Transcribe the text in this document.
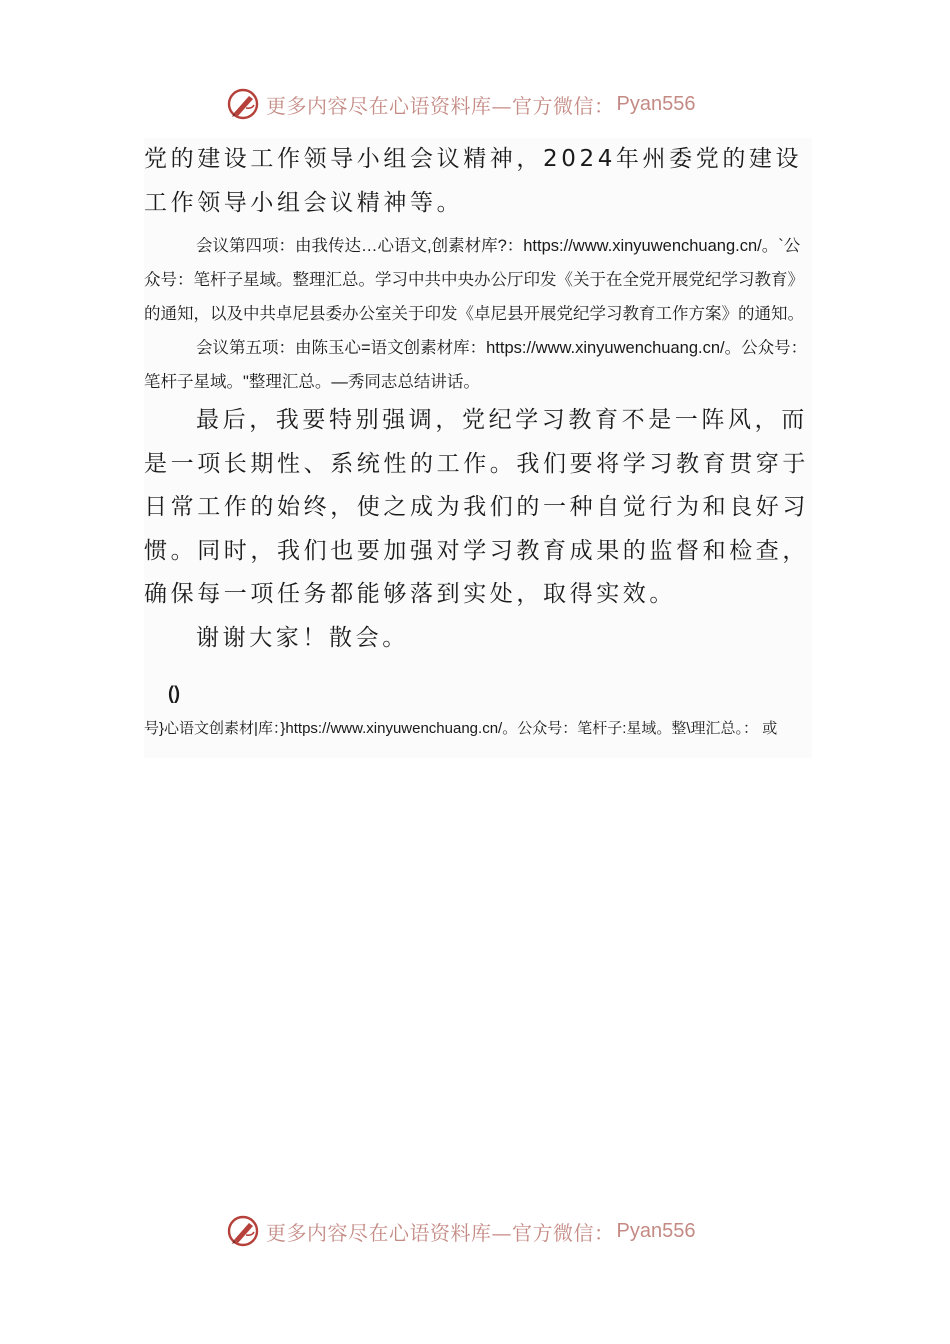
更多内容尽在心语资料库—官方微信： Pyan556

党的建设工作领导小组会议精神，2024年州委党的建设工作领导小组会议精神等。

会议第四项：由我传达…心语文,创素材库?：https://www.xinyuwenchuang.cn/。`公众号：笔杆子星域。整理汇总。学习中共中央办公厅印发《关于在全党开展党纪学习教育》的通知，以及中共卓尼县委办公室关于印发《卓尼县开展党纪学习教育工作方案》的通知。

会议第五项：由陈玉心=语文创素材库：https://www.xinyuwenchuang.cn/。公众号：笔杆子星域。"整理汇总。—秀同志总结讲话。

最后，我要特别强调，党纪学习教育不是一阵风，而是一项长期性、系统性的工作。我们要将学习教育贯穿于日常工作的始终，使之成为我们的一种自觉行为和良好习惯。同时，我们也要加强对学习教育成果的监督和检查，确保每一项任务都能够落到实处，取得实效。

谢谢大家！散会。

()

号}心语文创素材|库：}https://www.xinyuwenchuang.cn/。公众号：笔杆子:星域。整\理汇总。： 或

更多内容尽在心语资料库—官方微信： Pyan556
